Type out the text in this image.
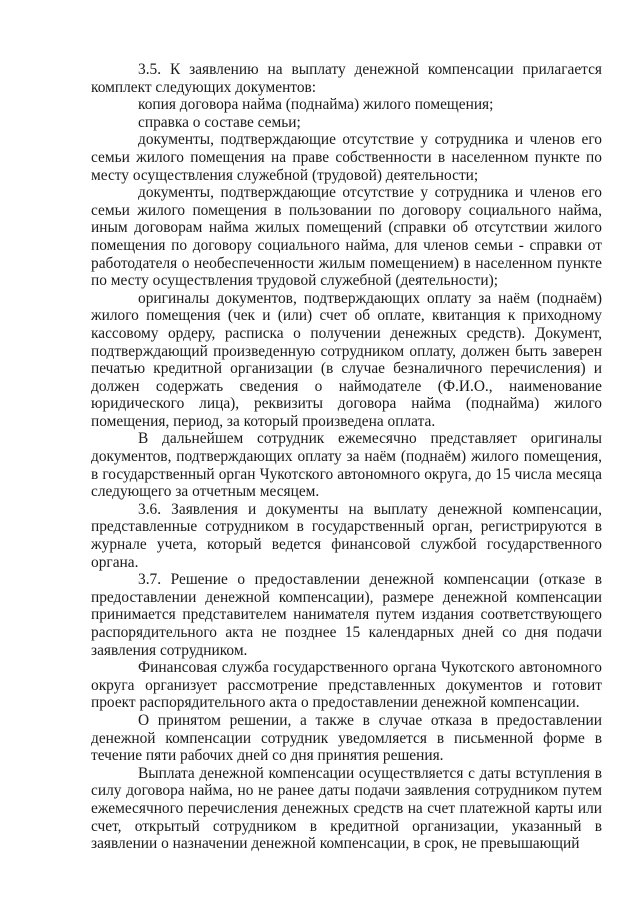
3.5. К заявлению на выплату денежной компенсации прилагается комплект следующих документов:

копия договора найма (поднайма) жилого помещения;

справка о составе семьи;

документы, подтверждающие отсутствие у сотрудника и членов его семьи жилого помещения на праве собственности в населенном пункте по месту осуществления служебной (трудовой) деятельности;

документы, подтверждающие отсутствие у сотрудника и членов его семьи жилого помещения в пользовании по договору социального найма, иным договорам найма жилых помещений (справки об отсутствии жилого помещения по договору социального найма, для членов семьи - справки от работодателя о необеспеченности жилым помещением) в населенном пункте по месту осуществления трудовой служебной (деятельности);

оригиналы документов, подтверждающих оплату за наём (поднаём) жилого помещения (чек и (или) счет об оплате, квитанция к приходному кассовому ордеру, расписка о получении денежных средств). Документ, подтверждающий произведенную сотрудником оплату, должен быть заверен печатью кредитной организации (в случае безналичного перечисления) и должен содержать сведения о наймодателе (Ф.И.О., наименование юридического лица), реквизиты договора найма (поднайма) жилого помещения, период, за который произведена оплата.

В дальнейшем сотрудник ежемесячно представляет оригиналы документов, подтверждающих оплату за наём (поднаём) жилого помещения, в государственный орган Чукотского автономного округа, до 15 числа месяца следующего за отчетным месяцем.

3.6. Заявления и документы на выплату денежной компенсации, представленные сотрудником в государственный орган, регистрируются в журнале учета, который ведется финансовой службой государственного органа.

3.7. Решение о предоставлении денежной компенсации (отказе в предоставлении денежной компенсации), размере денежной компенсации принимается представителем нанимателя путем издания соответствующего распорядительного акта не позднее 15 календарных дней со дня подачи заявления сотрудником.

Финансовая служба государственного органа Чукотского автономного округа организует рассмотрение представленных документов и готовит проект распорядительного акта о предоставлении денежной компенсации.

О принятом решении, а также в случае отказа в предоставлении денежной компенсации сотрудник уведомляется в письменной форме в течение пяти рабочих дней со дня принятия решения.

Выплата денежной компенсации осуществляется с даты вступления в силу договора найма, но не ранее даты подачи заявления сотрудником путем ежемесячного перечисления денежных средств на счет платежной карты или счет, открытый сотрудником в кредитной организации, указанный в заявлении о назначении денежной компенсации, в срок, не превышающий
